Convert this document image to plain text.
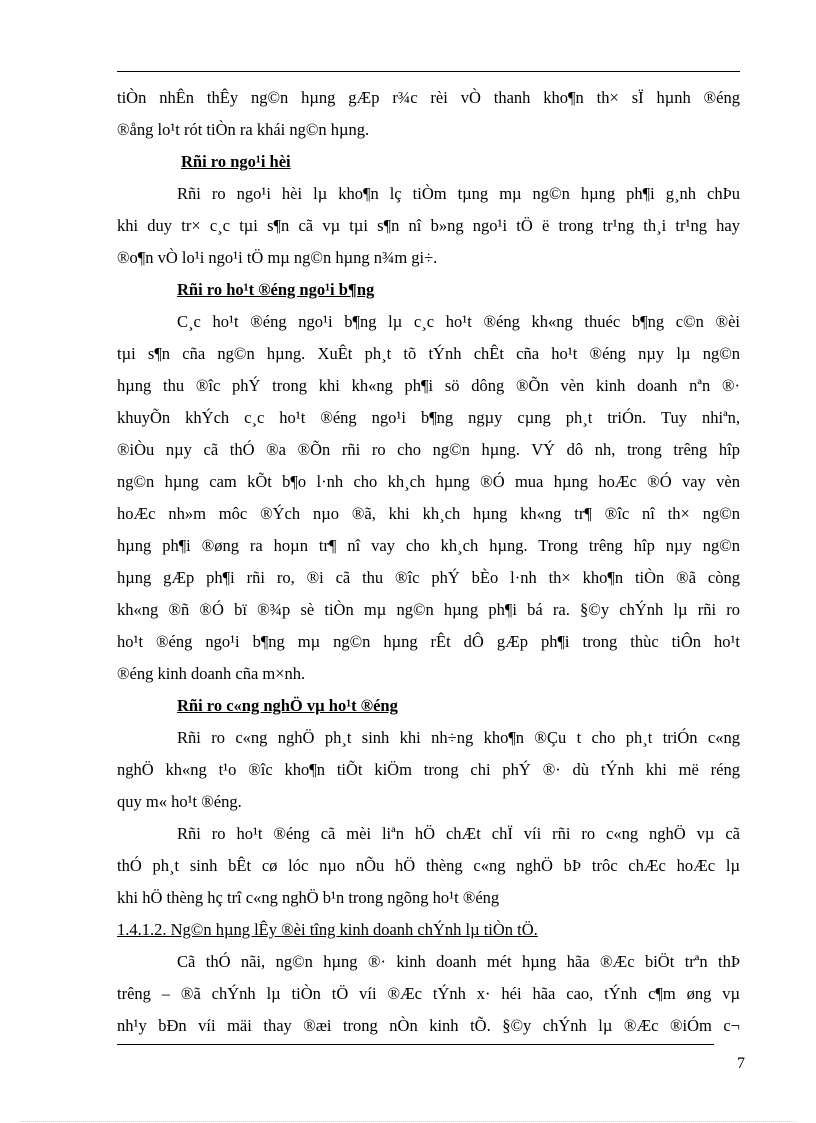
tiÒn nhÊn thÊy ng©n hµng gÆp r¾c rèi vÒ thanh kho¶n th× sÏ hµnh ®éng
®ång lo¹t rót tiÒn ra khái ng©n hµng.
Rñi ro ngo¹i hèi
Rñi ro ngo¹i hèi lµ kho¶n lç tiÒm tµng mµ ng©n hµng ph¶i g¸nh chÞu
khi duy tr× c¸c tµi s¶n cã vµ tµi s¶n nî b»ng ngo¹i tÖ ë trong tr¹ng th¸i tr¹ng hay
®o¶n vÒ lo¹i ngo¹i tÖ mµ ng©n hµng n¾m gi÷.
Rñi ro ho¹t ®éng ngo¹i b¶ng
C¸c ho¹t ®éng ngo¹i b¶ng lµ c¸c ho¹t ®éng kh«ng thuéc b¶ng c©n ®èi
tµi s¶n cña ng©n hµng. XuÊt ph¸t tõ tÝnh chÊt cña ho¹t ®éng nµy lµ ng©n
hµng thu ®îc phÝ trong khi kh«ng ph¶i sö dông ®Õn vèn kinh doanh nªn ®·
khuyÕn khÝch c¸c ho¹t ®éng ngo¹i b¶ng ngµy cµng ph¸t triÓn. Tuy nhiªn,
®iÒu nµy cã thÓ ®a ®Õn rñi ro cho ng©n hµng. VÝ dô nh, trong trêng hîp
ng©n hµng cam kÕt b¶o l·nh cho kh¸ch hµng ®Ó mua hµng hoÆc ®Ó vay vèn
hoÆc nh»m môc ®Ých nµo ®ã, khi kh¸ch hµng kh«ng tr¶ ®îc nî th× ng©n
hµng ph¶i ®øng ra hoµn tr¶ nî vay cho kh¸ch hµng. Trong trêng hîp nµy ng©n
hµng gÆp ph¶i rñi ro, ®i cã thu ®îc phÝ bÈo l·nh th× kho¶n tiÒn ®ã còng
kh«ng ®ñ ®Ó bï ®¾p sè tiÒn mµ ng©n hµng ph¶i bá ra. §©y chÝnh lµ rñi ro
ho¹t ®éng ngo¹i b¶ng mµ ng©n hµng rÊt dÔ gÆp ph¶i trong thùc tiÔn ho¹t
®éng kinh doanh cña m×nh.
Rñi ro c«ng nghÖ vµ ho¹t ®éng
Rñi ro c«ng nghÖ ph¸t sinh khi nh÷ng kho¶n ®Çu t cho ph¸t triÓn c«ng
nghÖ kh«ng t¹o ®îc kho¶n tiÕt kiÖm trong chi phÝ ®· dù tÝnh khi më réng
quy m« ho¹t ®éng.
Rñi ro ho¹t ®éng cã mèi liªn hÖ chÆt chÏ víi rñi ro c«ng nghÖ vµ cã
thÓ ph¸t sinh bÊt cø lóc nµo nÕu hÖ thèng c«ng nghÖ bÞ trôc chÆc hoÆc lµ
khi hÖ thèng hç trî c«ng nghÖ b¹n trong ngõng ho¹t ®éng
1.4.1.2. Ng©n hµng lÊy ®èi tîng kinh doanh chÝnh lµ tiÒn tÖ.
Cã thÓ nãi, ng©n hµng ®· kinh doanh mét hµng hãa ®Æc biÖt trªn thÞ
trêng – ®ã chÝnh lµ tiÒn tÖ víi ®Æc tÝnh x· héi hãa cao, tÝnh c¶m øng vµ
nh¹y bÐn víi mäi thay ®æi trong nÒn kinh tÕ. §©y chÝnh lµ ®Æc ®iÓm c¬
7
